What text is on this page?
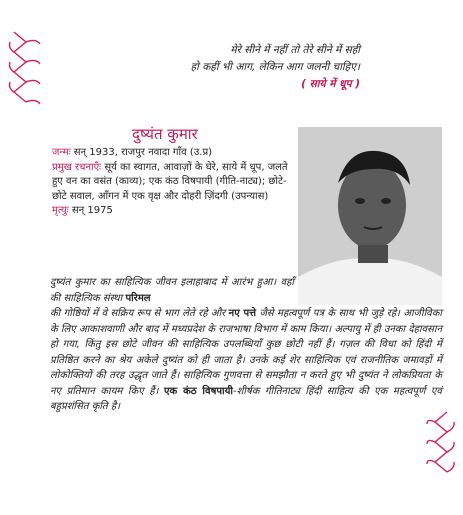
मेरे सीने में नहीं तो तेरे सीने में सही
हो कहीं भी आग, लेकिन आग जलनी चाहिए।
( साये में धूप )
दुष्यंत कुमार
जन्मः सन् 1933, राजपुर नवादा गाँव (उ.प्र)
प्रमुख रचनाएँः सूर्य का स्वागत, आवाज़ों के घेरे, साये में धूप, जलते हुए वन का वसंत (काव्य); एक कंठ विषपायी (गीति-नाट्य); छोटे-छोटे सवाल, आँगन में एक वृक्ष और दोहरी ज़िंदगी (उपन्यास)
मृत्युः सन् 1975
दुष्यंत कुमार का साहित्यिक जीवन इलाहाबाद में आरंभ हुआ। वहाँ की साहित्यिक संस्था परिमल
की गोष्ठियों में वे सक्रिय रूप से भाग लेते रहे और नए पत्ते जैसे महत्वपूर्ण पत्र के साथ भी जुड़े रहे। आजीविका के लिए आकाशवाणी और बाद में मध्यप्रदेश के राजभाषा विभाग में काम किया। अल्पायु में ही उनका देहावसान हो गया, किंतु इस छोटे जीवन की साहित्यिक उपलब्धियाँ कुछ छोटी नहीं हैं। गज़ल की विधा को हिंदी में प्रतिष्ठित करने का श्रेय अकेले दुष्यंत को ही जाता है। उनके कई शेर साहित्यिक एवं राजनीतिक जमावड़ों में लोकोक्तियों की तरह उद्धृत जाते हैं। साहित्यिक गुणवत्ता से समझौता न करते हुए भी दुष्यंत ने लोकप्रियता के नए प्रतिमान कायम किए हैं। एक कंठ विषपायी-शीर्षक गीतिनाट्य हिंदी साहित्य की एक महत्वपूर्ण एवं बहुप्रशंसित कृति है।
